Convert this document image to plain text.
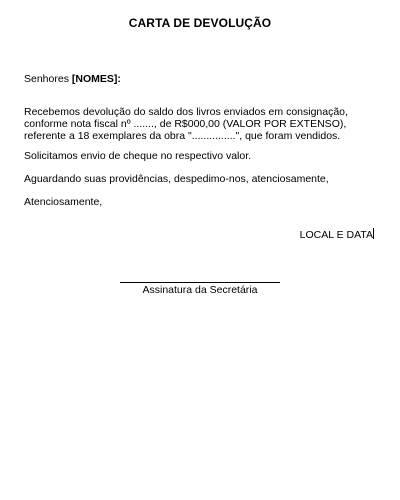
CARTA DE DEVOLUÇÃO
Senhores [NOMES]:
Recebemos devolução do saldo dos livros enviados em consignação, conforme nota fiscal nº ......., de R$000,00 (VALOR POR EXTENSO), referente a 18 exemplares da obra "...............", que foram vendidos.
Solicitamos envio de cheque no respectivo valor.
Aguardando suas providências, despedimo-nos, atenciosamente,
Atenciosamente,
LOCAL E DATA
Assinatura da Secretária
